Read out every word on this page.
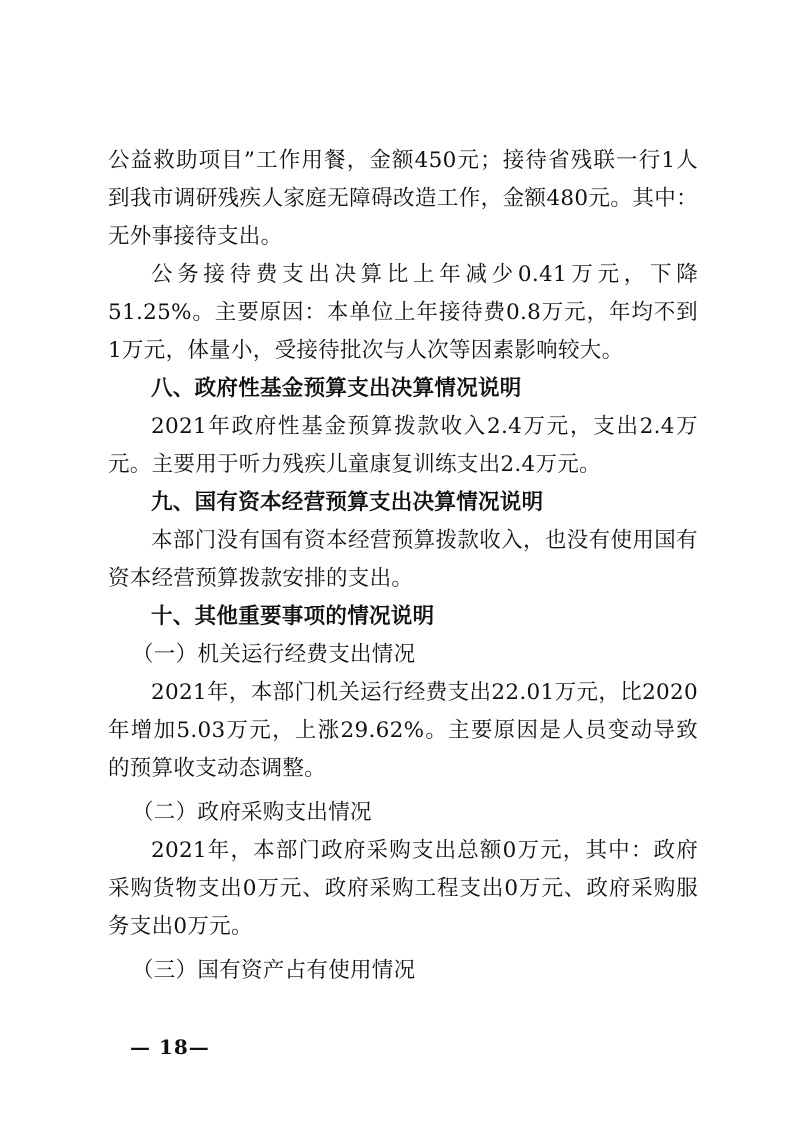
公益救助项目”工作用餐，金额450元；接待省残联一行1人到我市调研残疾人家庭无障碍改造工作，金额480元。其中：无外事接待支出。

公务接待费支出决算比上年减少0.41万元，下降51.25%。主要原因：本单位上年接待费0.8万元，年均不到1万元，体量小，受接待批次与人次等因素影响较大。

八、政府性基金预算支出决算情况说明

2021年政府性基金预算拨款收入2.4万元，支出2.4万元。主要用于听力残疾儿童康复训练支出2.4万元。

九、国有资本经营预算支出决算情况说明

本部门没有国有资本经营预算拨款收入，也没有使用国有资本经营预算拨款安排的支出。

十、其他重要事项的情况说明

（一）机关运行经费支出情况

2021年，本部门机关运行经费支出22.01万元，比2020年增加5.03万元，上涨29.62%。主要原因是人员变动导致的预算收支动态调整。

（二）政府采购支出情况

2021年，本部门政府采购支出总额0万元，其中：政府采购货物支出0万元、政府采购工程支出0万元、政府采购服务支出0万元。

（三）国有资产占有使用情况

— 18—
